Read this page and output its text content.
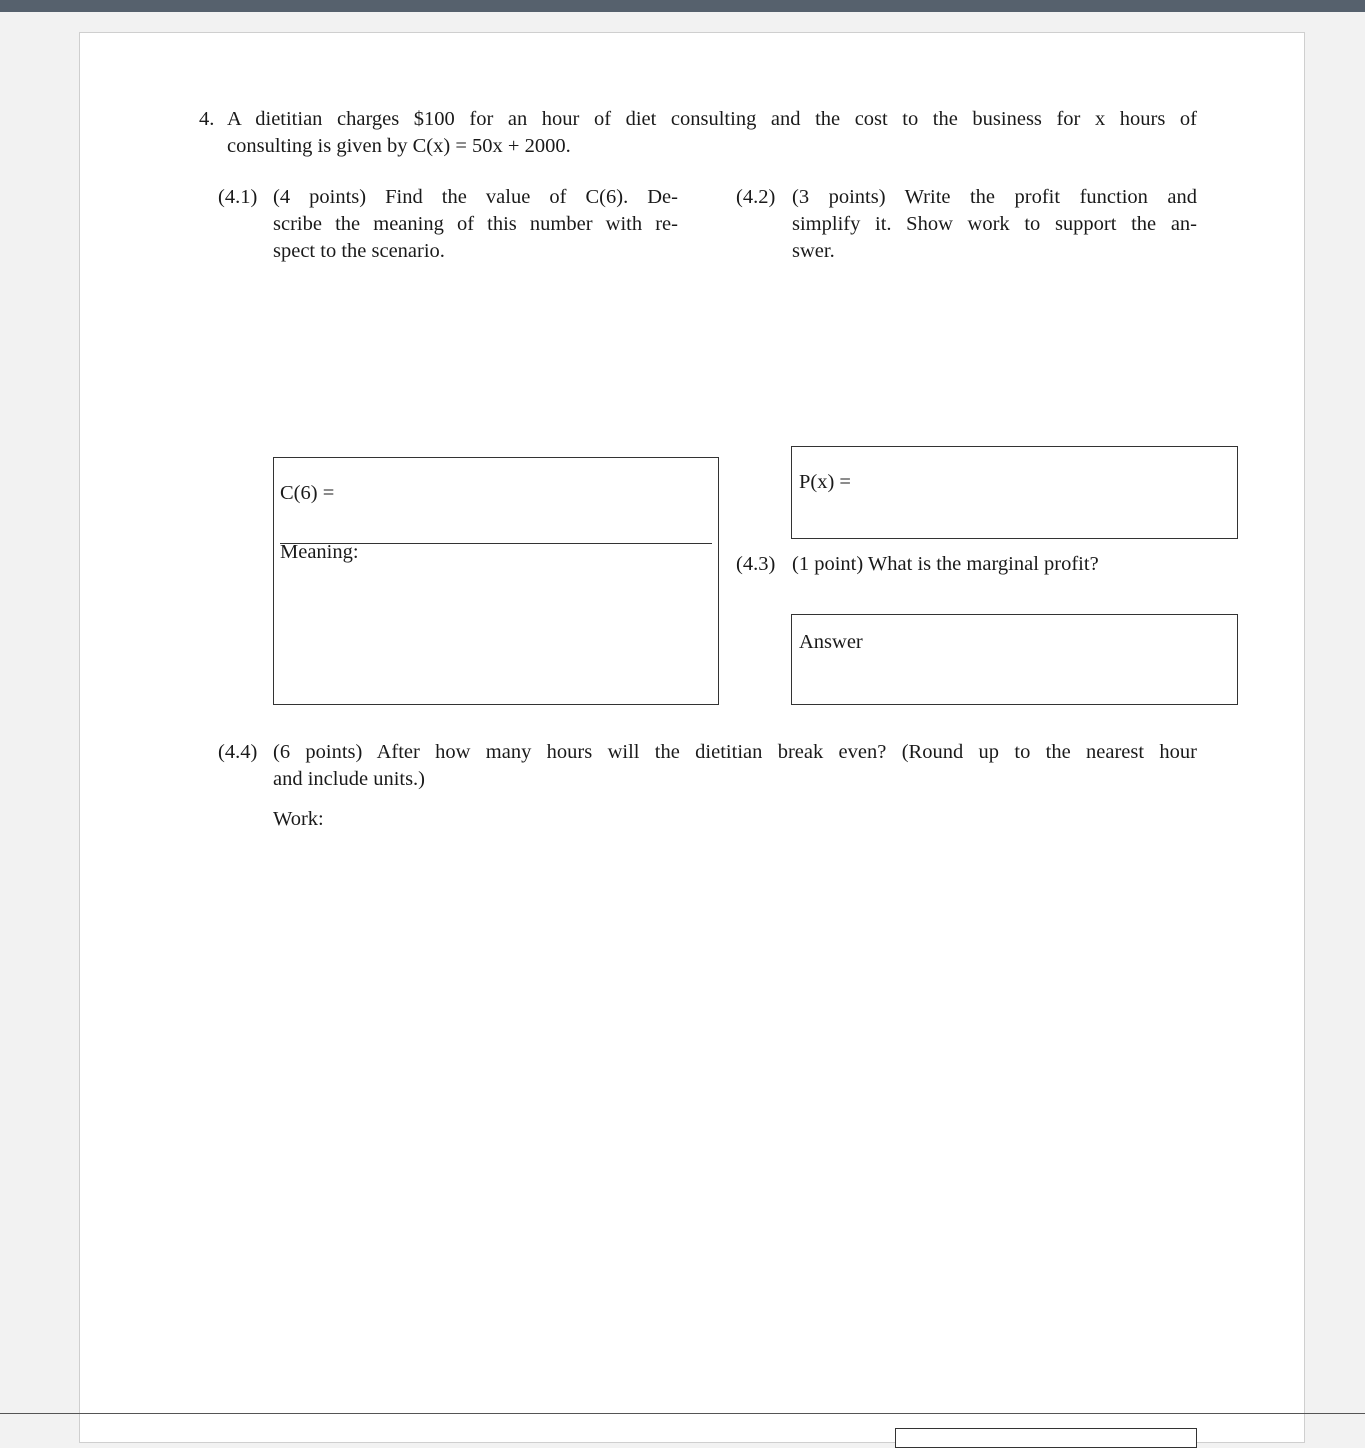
4. A dietitian charges $100 for an hour of diet consulting and the cost to the business for x hours of
consulting is given by C(x) = 50x + 2000.
(4.1) (4 points) Find the value of C(6). De-
scribe the meaning of this number with re-
spect to the scenario.
(4.2) (3 points) Write the profit function and
simplify it. Show work to support the an-
swer.
C(6) =
Meaning:
P(x) =
(4.3) (1 point) What is the marginal profit?
Answer
(4.4) (6 points) After how many hours will the dietitian break even? (Round up to the nearest hour
and include units.)
Work:
